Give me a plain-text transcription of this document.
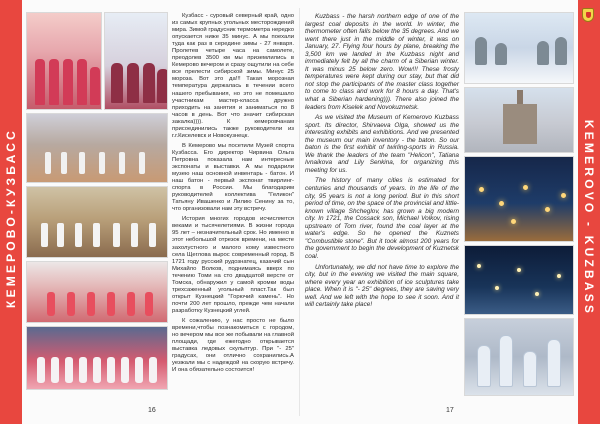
КЕМЕРОВО-КУЗБАСС	KEMEROVO - KUZBASS

Кузбасс - суровый северный край, одно из самых крупных угольных месторождений мира. Зимой градусник термометра нередко опускается ниже 35 минус. А мы поехали туда как раз в середине зимы - 27 января. Пролетев четыре часа на самолете, преодолев 3500 км мы приземлились в Кемерово вечером и сразу ощутили на себе все прелести сибирской зимы. Минус 25 мороза. Вот это да!!! Такая морозная температура держалась в течении всего нашего пребывания, но это не помешало участникам мастер-класса дружно приходить на занятия и заниматься по 8 часов в день. Вот что значит сибирская закалка)))). К кемеровчанам присоединились также руководители из г.г.Киселевск и Новокузнецк.

В Кемерово мы посетили Музей спорта Кузбасса. Его директор Чирвина Ольга Петровна показала нам интересные экспонаты и выставки. А мы подарили музею наш основной инвентарь - батон. И наш батон - первый экспонат твирлинг-спорта в России. Мы благодарим руководителей коллектива "Геликон" Татьяну Ивашенко и Лилию Сенину за то, что организовали нам эту встречу.

История многих городов исчисляется веками и тысячелетиями. В жизни города 95 лет – незначительный срок. Но именно в этот небольшой отрезок времени, на месте захолустного и малого кому известного села Щеглова вырос современный город. В 1721 году русский рудознатец, казачий сын Михайло Волков, поднимаясь вверх по течению Томи на сто двадцатой версте от Томска, обнаружил у самой кромки воды трехсаженный угольный пласт.Так был открыт Кузнецкий "Горючий камень". Но почти 200 лет прошло, прежде чем начали разработку Кузнецкий углей.

К сожалению, у нас просто не было времени,чтобы познакомиться с городом, но вечером мы все же побывали на главной площади, где ежегодно открывается выставка ледовых скульптур. При "- 25" градусах, они отлично сохранились.А уезжали мы с надеждой на скорую встречу. И она обязательно состоится!

Kuzbass - the harsh northern edge of one of the largest coal deposits in the world. In winter, the thermometer often falls below the 35 degrees. And we went there just in the middle of winter, it was on January, 27. Flying four hours by plane, breaking the 3,500 km we landed in the Kuzbass night and immediately felt by all the charm of a Siberian winter. It was minus 25 below zero. Wow!!! These frosty temperatures were kept during our stay, but that did not stop the participants of the master class together to come to class and work for 8 hours a day. That's what a Siberian hardening))). There also joined the leaders from Kiselek and Novokuznetsk.

As we visited the Museum of Kemerovo Kuzbass sport. Its director, Shirvaeva Olga, showed us the interesting exhibits and exhibitions. And we presented the museum our main inventory - the baton. So our baton is the first exhibit of twirling-sports in Russia. We thank the leaders of the team "Helicon", Tatiana Ivnaikova and Lily Senkina, for organizing this meeting for us.

The history of many cities is estimated for centuries and thousands of years. In the life of the city, 95 years is not a long period. But in this short period of time, on the space of the provincial and little-known village Shcheglov, has grown a big modern city. In 1721, the Cossack son, Michael Volkov, rising upstream of Tom river, found the coal layer at the water's edge. So he opened the Kuznets "Combustible stone". But it took almost 200 years for the government to begin the development of Kuznetsk coal.

Unfortunately, we did not have time to explore the city, but in the evening we visited the main square, where every year an exhibition of ice sculptures take place. When it is "- 25" degrees, they are saving very well. And we left with the hope to see it soon. And it will certainly take place!

16	17
